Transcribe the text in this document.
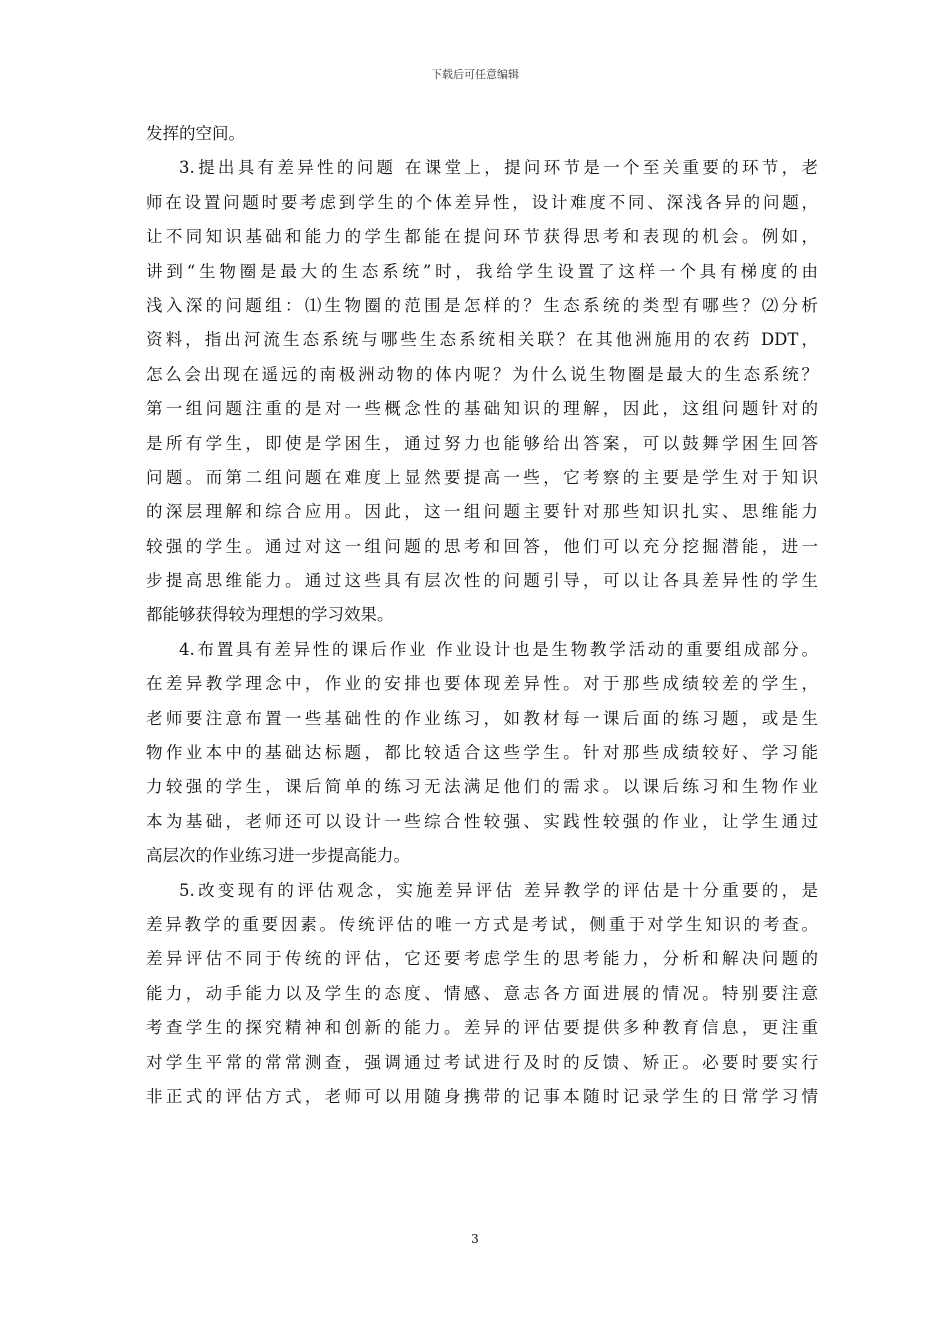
下载后可任意编辑
发挥的空间。
3.提出具有差异性的问题 在课堂上，提问环节是一个至关重要的环节，老
师在设置问题时要考虑到学生的个体差异性，设计难度不同、深浅各异的问题，
让不同知识基础和能力的学生都能在提问环节获得思考和表现的机会。例如，
讲到“生物圈是最大的生态系统”时，我给学生设置了这样一个具有梯度的由
浅入深的问题组：⑴生物圈的范围是怎样的？生态系统的类型有哪些？⑵分析
资料，指出河流生态系统与哪些生态系统相关联？在其他洲施用的农药 DDT，
怎么会出现在遥远的南极洲动物的体内呢？为什么说生物圈是最大的生态系统？
第一组问题注重的是对一些概念性的基础知识的理解，因此，这组问题针对的
是所有学生，即使是学困生，通过努力也能够给出答案，可以鼓舞学困生回答
问题。而第二组问题在难度上显然要提高一些，它考察的主要是学生对于知识
的深层理解和综合应用。因此，这一组问题主要针对那些知识扎实、思维能力
较强的学生。通过对这一组问题的思考和回答，他们可以充分挖掘潜能，进一
步提高思维能力。通过这些具有层次性的问题引导，可以让各具差异性的学生
都能够获得较为理想的学习效果。
4.布置具有差异性的课后作业 作业设计也是生物教学活动的重要组成部分。
在差异教学理念中，作业的安排也要体现差异性。对于那些成绩较差的学生，
老师要注意布置一些基础性的作业练习，如教材每一课后面的练习题，或是生
物作业本中的基础达标题，都比较适合这些学生。针对那些成绩较好、学习能
力较强的学生，课后简单的练习无法满足他们的需求。以课后练习和生物作业
本为基础，老师还可以设计一些综合性较强、实践性较强的作业，让学生通过
高层次的作业练习进一步提高能力。
5.改变现有的评估观念，实施差异评估 差异教学的评估是十分重要的，是
差异教学的重要因素。传统评估的唯一方式是考试，侧重于对学生知识的考查。
差异评估不同于传统的评估，它还要考虑学生的思考能力，分析和解决问题的
能力，动手能力以及学生的态度、情感、意志各方面进展的情况。特别要注意
考查学生的探究精神和创新的能力。差异的评估要提供多种教育信息，更注重
对学生平常的常常测查，强调通过考试进行及时的反馈、矫正。必要时要实行
非正式的评估方式，老师可以用随身携带的记事本随时记录学生的日常学习情
3
